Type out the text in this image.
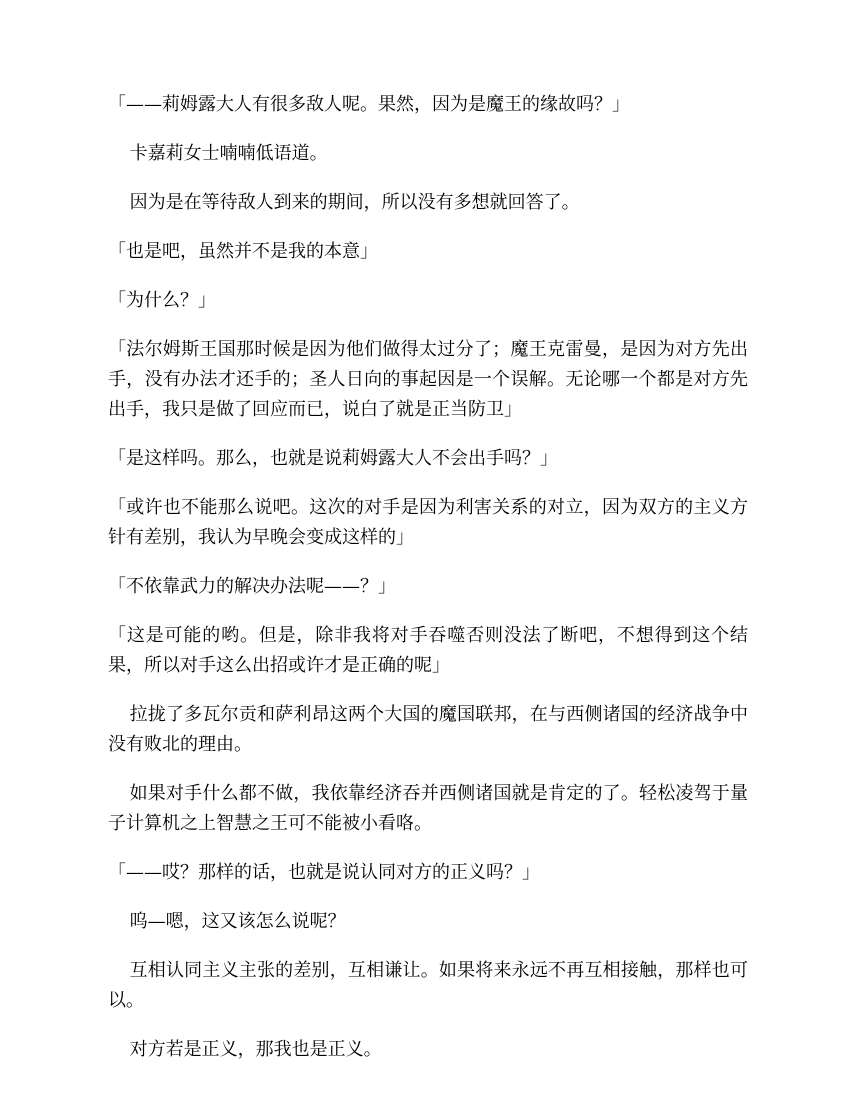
「——莉姆露大人有很多敌人呢。果然，因为是魔王的缘故吗？」

卡嘉莉女士喃喃低语道。

因为是在等待敌人到来的期间，所以没有多想就回答了。

「也是吧，虽然并不是我的本意」

「为什么？」

「法尔姆斯王国那时候是因为他们做得太过分了；魔王克雷曼，是因为对方先出手，没有办法才还手的；圣人日向的事起因是一个误解。无论哪一个都是对方先出手，我只是做了回应而已，说白了就是正当防卫」

「是这样吗。那么，也就是说莉姆露大人不会出手吗？」

「或许也不能那么说吧。这次的对手是因为利害关系的对立，因为双方的主义方针有差别，我认为早晚会变成这样的」

「不依靠武力的解决办法呢——？」

「这是可能的哟。但是，除非我将对手吞噬否则没法了断吧，不想得到这个结果，所以对手这么出招或许才是正确的呢」

拉拢了多瓦尔贡和萨利昂这两个大国的魔国联邦，在与西侧诸国的经济战争中没有败北的理由。

如果对手什么都不做，我依靠经济吞并西侧诸国就是肯定的了。轻松凌驾于量子计算机之上智慧之王可不能被小看咯。

「——哎？那样的话，也就是说认同对方的正义吗？」

呜—嗯，这又该怎么说呢？

互相认同主义主张的差别，互相谦让。如果将来永远不再互相接触，那样也可以。

对方若是正义，那我也是正义。
